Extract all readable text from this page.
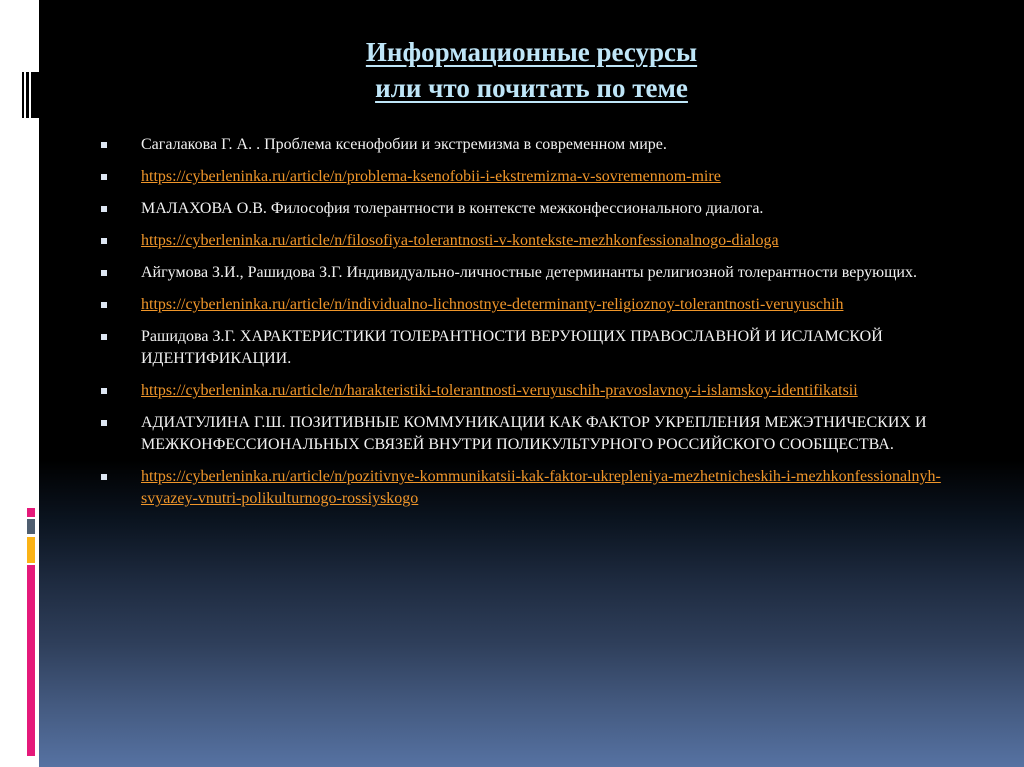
Информационные ресурсы
или что почитать по теме
Сагалакова Г. А. . Проблема ксенофобии и экстремизма в современном мире.
https://cyberleninka.ru/article/n/problema-ksenofobii-i-ekstremizma-v-sovremennom-mire
МАЛАХОВА О.В. Философия толерантности в контексте межконфессионального диалога.
https://cyberleninka.ru/article/n/filosofiya-tolerantnosti-v-kontekste-mezhkonfessionalnogo-dialoga
Айгумова З.И., Рашидова З.Г. Индивидуально-личностные детерминанты религиозной толерантности верующих.
https://cyberleninka.ru/article/n/individualno-lichnostnye-determinanty-religioznoy-tolerantnosti-veruyuschih
Рашидова З.Г. ХАРАКТЕРИСТИКИ ТОЛЕРАНТНОСТИ ВЕРУЮЩИХ ПРАВОСЛАВНОЙ И ИСЛАМСКОЙ ИДЕНТИФИКАЦИИ.
https://cyberleninka.ru/article/n/harakteristiki-tolerantnosti-veruyuschih-pravoslavnoy-i-islamskoy-identifikatsii
АДИАТУЛИНА Г.Ш. ПОЗИТИВНЫЕ КОММУНИКАЦИИ КАК ФАКТОР УКРЕПЛЕНИЯ МЕЖЭТНИЧЕСКИХ И МЕЖКОНФЕССИОНАЛЬНЫХ СВЯЗЕЙ ВНУТРИ ПОЛИКУЛЬТУРНОГО РОССИЙСКОГО СООБЩЕСТВА.
https://cyberleninka.ru/article/n/pozitivnye-kommunikatsii-kak-faktor-ukrepleniya-mezhetnicheskih-i-mezhkonfessionalnyh-svyazey-vnutri-polikulturnogo-rossiyskogo
